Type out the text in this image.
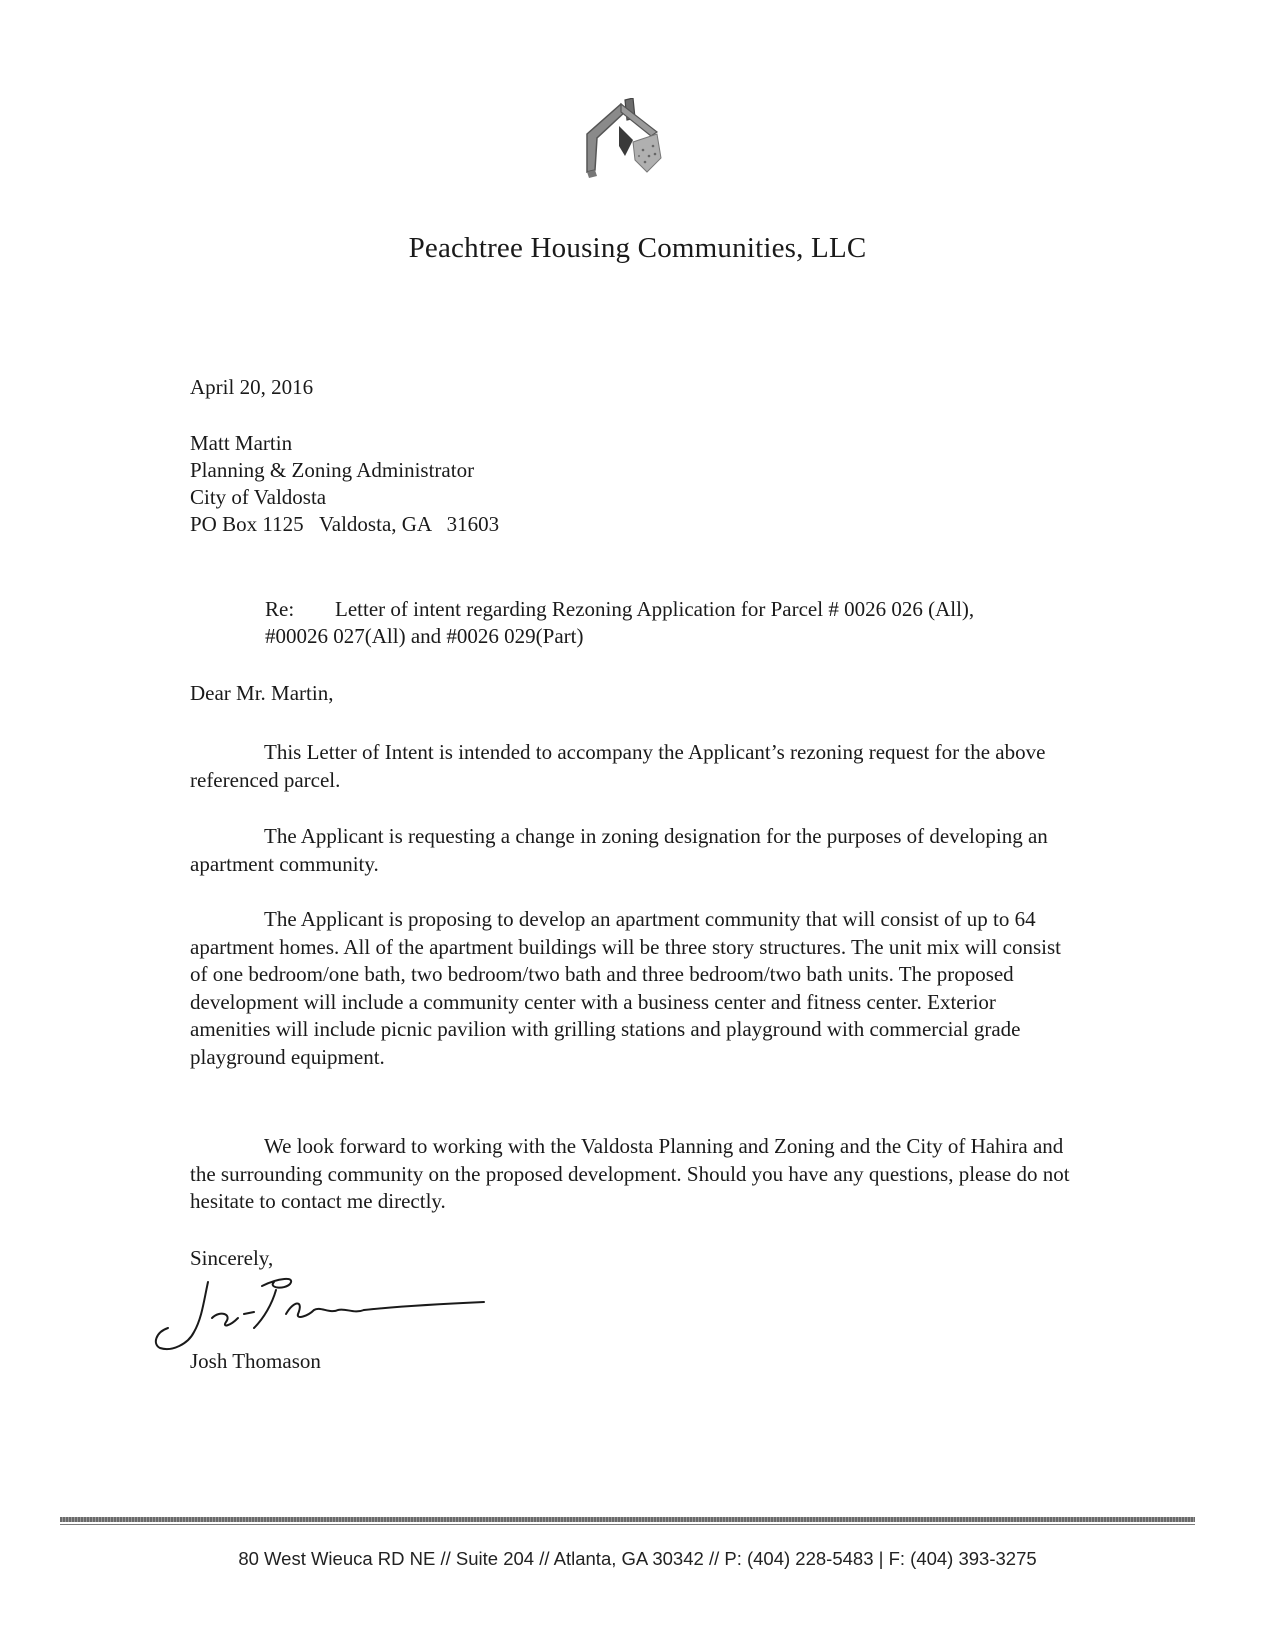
Peachtree Housing Communities, LLC
April 20, 2016
Matt Martin
Planning & Zoning Administrator
City of Valdosta
PO Box 1125   Valdosta, GA   31603
Re: Letter of intent regarding Rezoning Application for Parcel # 0026 026 (All),
#00026 027(All) and #0026 029(Part)
Dear Mr. Martin,

This Letter of Intent is intended to accompany the Applicant’s rezoning request for the above referenced parcel.

The Applicant is requesting a change in zoning designation for the purposes of developing an apartment community.

The Applicant is proposing to develop an apartment community that will consist of up to 64 apartment homes. All of the apartment buildings will be three story structures. The unit mix will consist of one bedroom/one bath, two bedroom/two bath and three bedroom/two bath units. The proposed development will include a community center with a business center and fitness center. Exterior amenities will include picnic pavilion with grilling stations and playground with commercial grade playground equipment.

We look forward to working with the Valdosta Planning and Zoning and the City of Hahira and the surrounding community on the proposed development. Should you have any questions, please do not hesitate to contact me directly.

Sincerely,
Josh Thomason
80 West Wieuca RD NE // Suite 204 // Atlanta, GA 30342 // P: (404) 228-5483 | F: (404) 393-3275
